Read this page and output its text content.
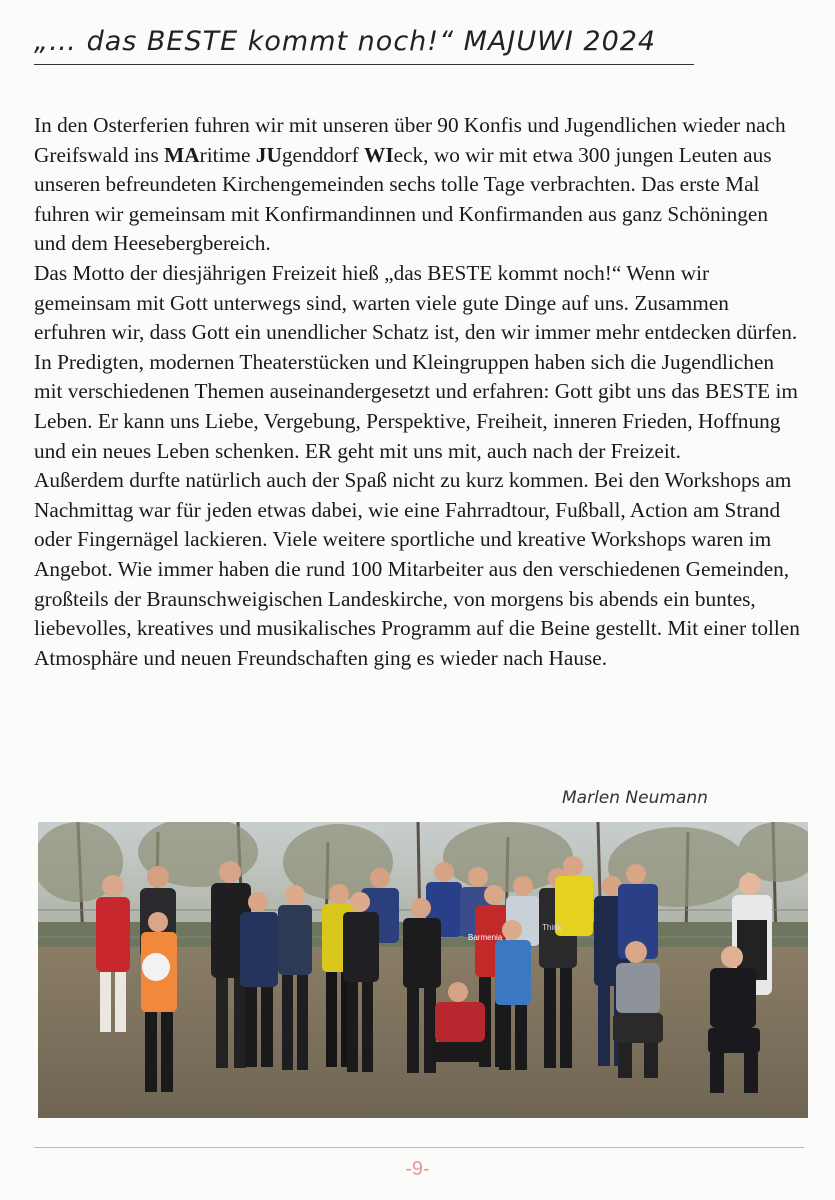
„… das BESTE kommt noch!“ MAJUWI 2024

In den Osterferien fuhren wir mit unseren über 90 Konfis und Jugendlichen wieder nach Greifswald ins MAritime JUgenddorf WIeck, wo wir mit etwa 300 jungen Leuten aus unseren befreundeten Kirchengemeinden sechs tolle Tage verbrachten. Das erste Mal fuhren wir gemeinsam mit Konfirmandinnen und Konfirmanden aus ganz Schöningen und dem Heesebergbereich.

Das Motto der diesjährigen Freizeit hieß „das BESTE kommt noch!“ Wenn wir gemeinsam mit Gott unterwegs sind, warten viele gute Dinge auf uns. Zusammen erfuhren wir, dass Gott ein unendlicher Schatz ist, den wir immer mehr entdecken dürfen. In Predigten, modernen Theaterstücken und Kleingruppen haben sich die Jugendlichen mit verschiedenen Themen auseinandergesetzt und erfahren: Gott gibt uns das BESTE im Leben. Er kann uns Liebe, Vergebung, Perspektive, Freiheit, inneren Frieden, Hoffnung und ein neues Leben schenken. ER geht mit uns mit, auch nach der Freizeit.

Außerdem durfte natürlich auch der Spaß nicht zu kurz kommen. Bei den Workshops am Nachmittag war für jeden etwas dabei, wie eine Fahrradtour, Fußball, Action am Strand oder Fingernägel lackieren. Viele weitere sportliche und kreative Workshops waren im Angebot. Wie immer haben die rund 100 Mitarbeiter aus den verschiedenen Gemeinden, großteils der Braunschweigischen Landeskirche, von morgens bis abends ein buntes, liebevolles, kreatives und musikalisches Programm auf die Beine gestellt. Mit einer tollen Atmosphäre und neuen Freundschaften ging es wieder nach Hause.

Marlen Neumann
Barmenia
Think
-9-
